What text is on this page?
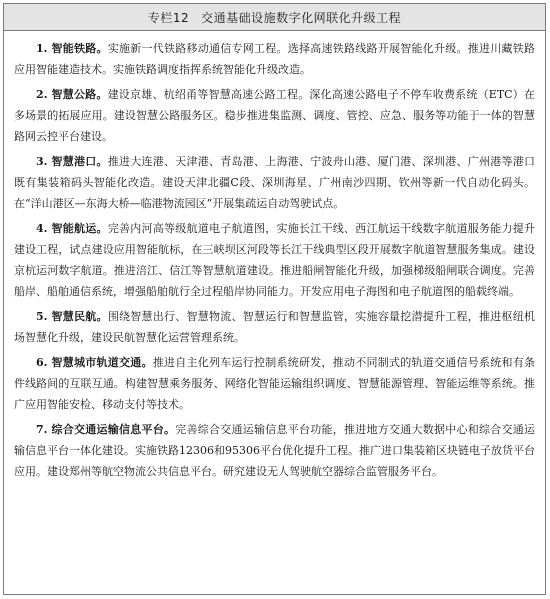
专栏12 交通基础设施数字化网联化升级工程

1. 智能铁路。实施新一代铁路移动通信专网工程。选择高速铁路线路开展智能化升级。推进川藏铁路应用智能建造技术。实施铁路调度指挥系统智能化升级改造。

2. 智慧公路。建设京雄、杭绍甬等智慧高速公路工程。深化高速公路电子不停车收费系统（ETC）在多场景的拓展应用。建设智慧公路服务区。稳步推进集监测、调度、管控、应急、服务等功能于一体的智慧路网云控平台建设。

3. 智慧港口。推进大连港、天津港、青岛港、上海港、宁波舟山港、厦门港、深圳港、广州港等港口既有集装箱码头智能化改造。建设天津北疆C段、深圳海星、广州南沙四期、钦州等新一代自动化码头。在“洋山港区—东海大桥—临港物流园区”开展集疏运自动驾驶试点。

4. 智能航运。完善内河高等级航道电子航道图，实施长江干线、西江航运干线数字航道服务能力提升建设工程，试点建设应用智能航标，在三峡坝区河段等长江干线典型区段开展数字航道智慧服务集成。建设京杭运河数字航道。推进涪江、信江等智慧航道建设。推进船闸智能化升级，加强梯级船闸联合调度。完善船岸、船舶通信系统，增强船舶航行全过程船岸协同能力。开发应用电子海图和电子航道图的船载终端。

5. 智慧民航。围绕智慧出行、智慧物流、智慧运行和智慧监管，实施容量挖潜提升工程，推进枢纽机场智慧化升级，建设民航智慧化运营管理系统。

6. 智慧城市轨道交通。推进自主化列车运行控制系统研发，推动不同制式的轨道交通信号系统和有条件线路间的互联互通。构建智慧乘务服务、网络化智能运输组织调度、智慧能源管理、智能运维等系统。推广应用智能安检、移动支付等技术。

7. 综合交通运输信息平台。完善综合交通运输信息平台功能，推进地方交通大数据中心和综合交通运输信息平台一体化建设。实施铁路12306和95306平台优化提升工程。推广进口集装箱区块链电子放货平台应用。建设郑州等航空物流公共信息平台。研究建设无人驾驶航空器综合监管服务平台。
